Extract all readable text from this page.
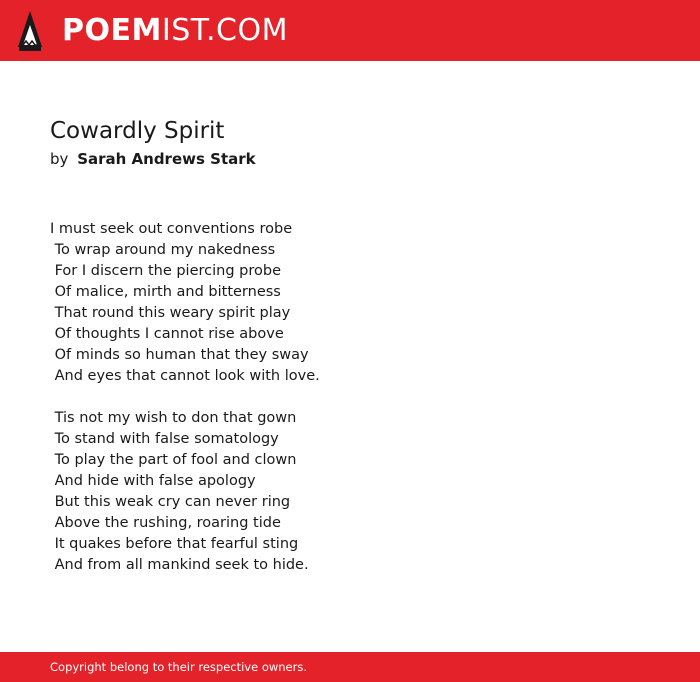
POEMIST.COM
Cowardly Spirit
by Sarah Andrews Stark
I must seek out conventions robe
To wrap around my nakedness
For I discern the piercing probe
Of malice, mirth and bitterness
That round this weary spirit play
Of thoughts I cannot rise above
Of minds so human that they sway
And eyes that cannot look with love.
Tis not my wish to don that gown
To stand with false somatology
To play the part of fool and clown
And hide with false apology
But this weak cry can never ring
Above the rushing, roaring tide
It quakes before that fearful sting
And from all mankind seek to hide.
Copyright belong to their respective owners.
